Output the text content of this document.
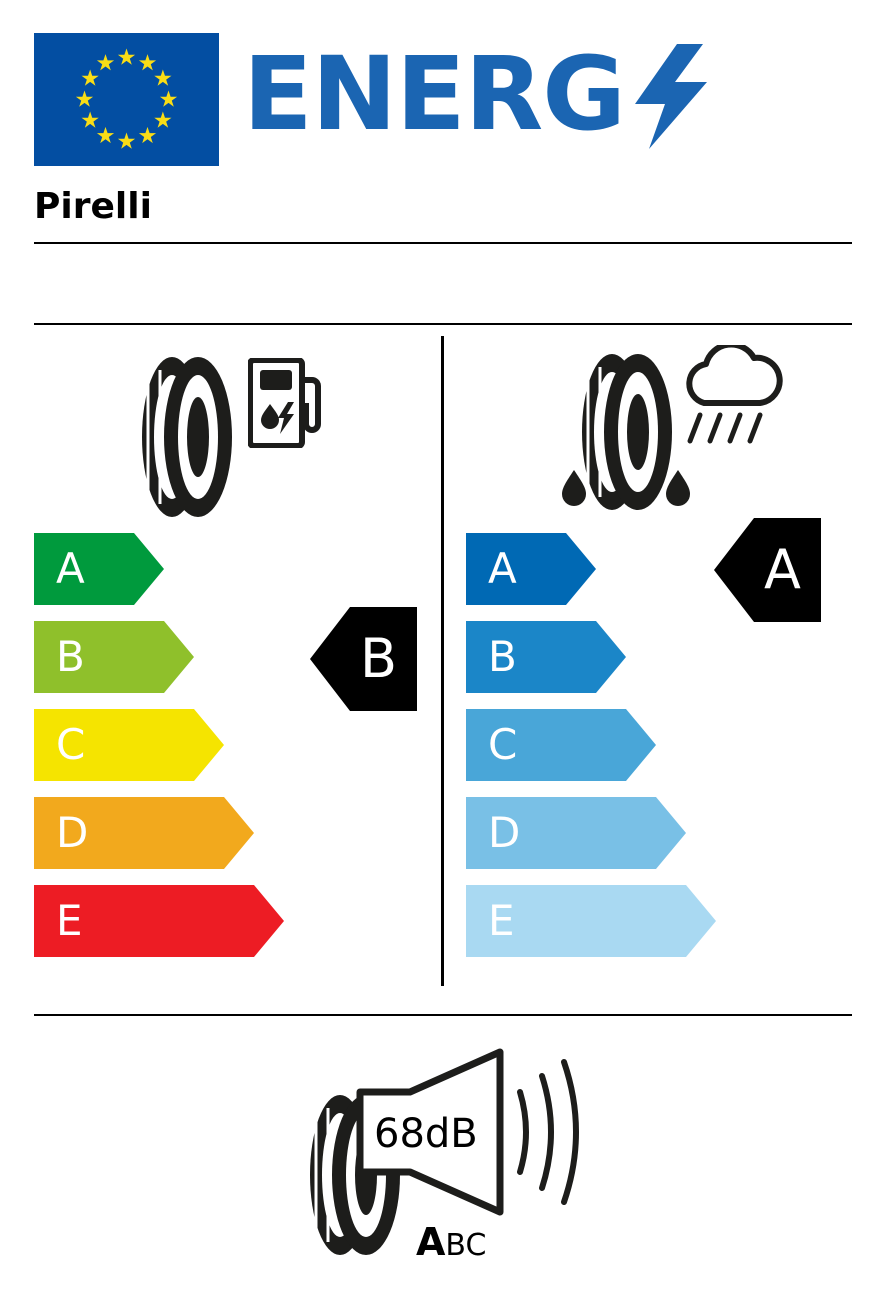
ENERG
Pirelli
A
B
C
D
E
B
A
B
C
D
E
A
68dB
ABC
